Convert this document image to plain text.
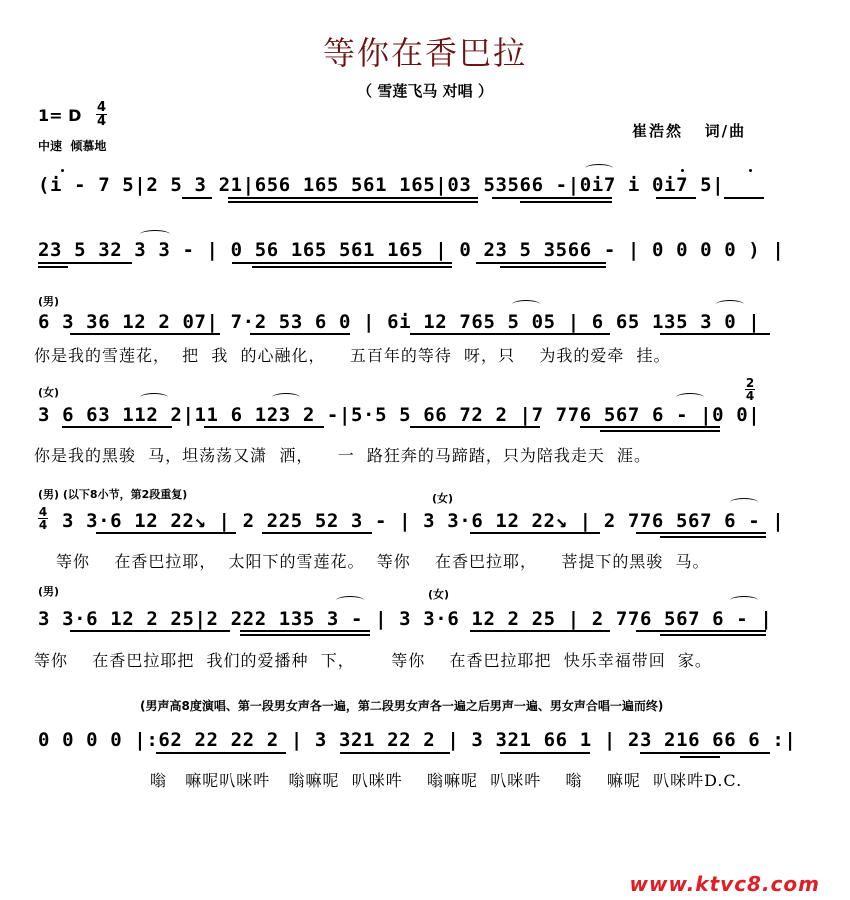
等你在香巴拉
（ 雪莲飞马 对唱 ）
1= D 4
4
中速  倾慕地
崔浩然   词/曲
(i - 7 5|2 5 3 21|656 165 561 165|03 53566 -|0i7 i 0i7 5|
23 5 32 3 3 - | 0 56 165 561 165 | 0 23 5 3566 - | 0 0 0 0 ) |
(男)
6 3 36 12 2 07| 7·2 53 6 0 | 6i 12 765 5 05 | 6 65 135 3 0 |
你是我的雪莲花，  把  我  的心融化，    五百年的等待  呀，只    为我的爱牵  挂。
(女)
3 6 63 112 2|11 6 123 2 -|5·5 5 66 72 2 |7 776 567 6 - |0 0|
你是我的黑骏  马，坦荡荡又潇  洒，    一  路狂奔的马蹄踏，只为陪我走天  涯。
2
4
(男) (以下8小节，第2段重复)	(女)
4
4 3 3·6 12 22↘ | 2 225 52 3 - | 3 3·6 12 22↘ | 2 776 567 6 - |
等你    在香巴拉耶，  太阳下的雪莲花。  等你    在香巴拉耶，    菩提下的黑骏  马。
(男)	(女)
3 3·6 12 2 25|2 222 135 3 - | 3 3·6 12 2 25 | 2 776 567 6 - |
等你    在香巴拉耶把  我们的爱播种  下，      等你    在香巴拉耶把  快乐幸福带回  家。
(男声高8度演唱、第一段男女声各一遍，第二段男女声各一遍之后男声一遍、男女声合唱一遍而终)
0 0 0 0 |:62 22 22 2 | 3 321 22 2 | 3 321 66 1 | 23 216 66 6 :|
嗡   嘛呢叭咪吽   嗡嘛呢  叭咪吽    嗡嘛呢  叭咪吽    嗡    嘛呢  叭咪吽D.C.
www.ktvc8.com
